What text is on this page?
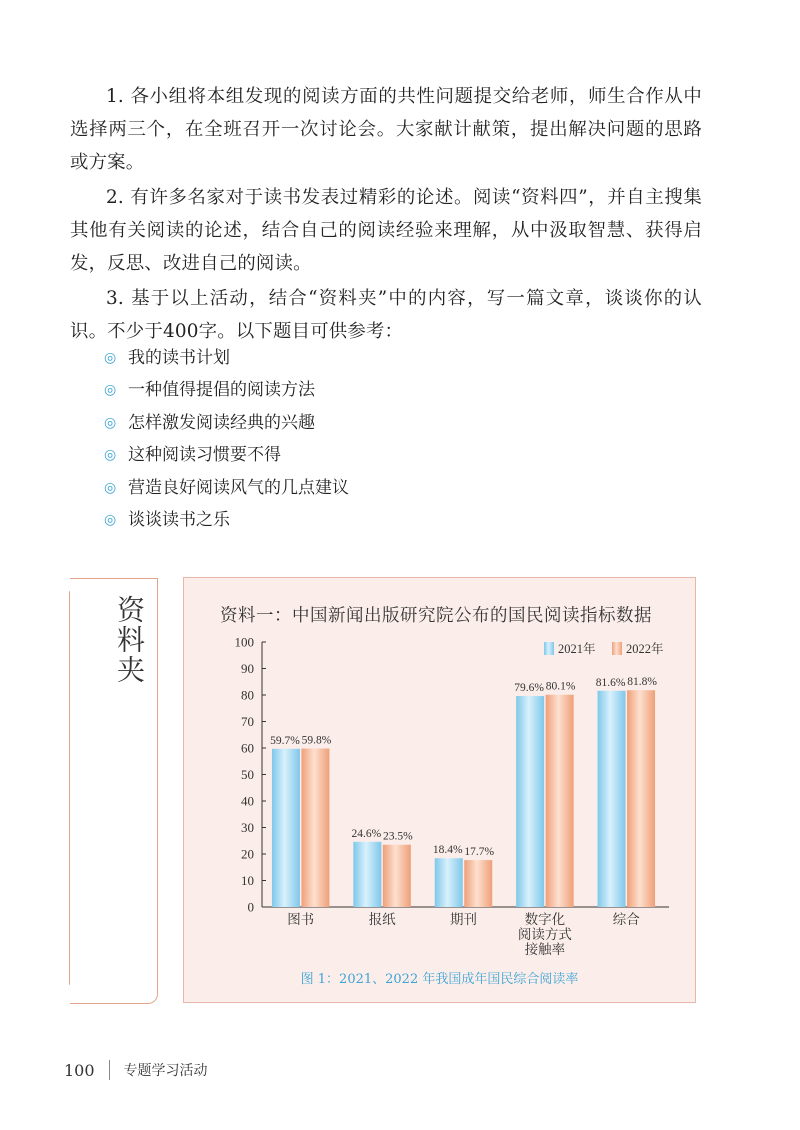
1. 各小组将本组发现的阅读方面的共性问题提交给老师，师生合作从中选择两三个，在全班召开一次讨论会。大家献计献策，提出解决问题的思路或方案。

2. 有许多名家对于读书发表过精彩的论述。阅读“资料四”，并自主搜集其他有关阅读的论述，结合自己的阅读经验来理解，从中汲取智慧、获得启发，反思、改进自己的阅读。

3. 基于以上活动，结合“资料夹”中的内容，写一篇文章，谈谈你的认识。不少于400字。以下题目可供参考：

◎ 我的读书计划
◎ 一种值得提倡的阅读方法
◎ 怎样激发阅读经典的兴趣
◎ 这种阅读习惯要不得
◎ 营造良好阅读风气的几点建议
◎ 谈谈读书之乐
资料夹	资料一：中国新闻出版研究院公布的国民阅读指标数据
0
10
20
30
40
50
60
70
80
90
100
59.7% 59.8%
图书
24.6% 23.5%
报纸
18.4% 17.7%
期刊
79.6% 80.1%
数字化
阅读方式
接触率
81.6% 81.8%
综合
2021年 2022年
图 1：2021、2022 年我国成年国民综合阅读率
100 专题学习活动
